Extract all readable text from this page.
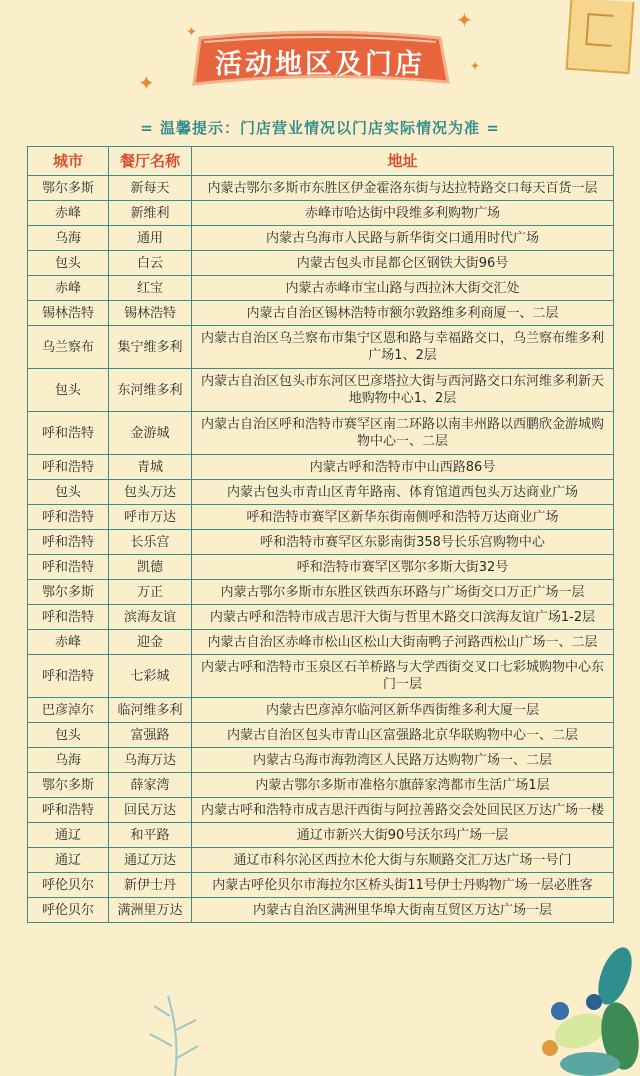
✦
✦
✦
✦
活动地区及门店
= 温馨提示：门店营业情况以门店实际情况为准 =
城市	餐厅名称	地址
鄂尔多斯	新每天	内蒙古鄂尔多斯市东胜区伊金霍洛东街与达拉特路交口每天百货一层
赤峰	新维利	赤峰市哈达街中段维多利购物广场
乌海	通用	内蒙古乌海市人民路与新华街交口通用时代广场
包头	白云	内蒙古包头市昆都仑区钢铁大街96号
赤峰	红宝	内蒙古赤峰市宝山路与西拉沐大街交汇处
锡林浩特	锡林浩特	内蒙古自治区锡林浩特市额尔敦路维多利商厦一、二层
乌兰察布	集宁维多利	内蒙古自治区乌兰察布市集宁区恩和路与幸福路交口，乌兰察布维多利广场1、2层
包头	东河维多利	内蒙古自治区包头市东河区巴彦塔拉大街与西河路交口东河维多利新天地购物中心1、2层
呼和浩特	金游城	内蒙古自治区呼和浩特市赛罕区南二环路以南丰州路以西鹏欣金游城购物中心一、二层
呼和浩特	青城	内蒙古呼和浩特市中山西路86号
包头	包头万达	内蒙古包头市青山区青年路南、体育馆道西包头万达商业广场
呼和浩特	呼市万达	呼和浩特市赛罕区新华东街南侧呼和浩特万达商业广场
呼和浩特	长乐宫	呼和浩特市赛罕区东影南街358号长乐宫购物中心
呼和浩特	凯德	呼和浩特市赛罕区鄂尔多斯大街32号
鄂尔多斯	万正	内蒙古鄂尔多斯市东胜区铁西东环路与广场街交口万正广场一层
呼和浩特	滨海友谊	内蒙古呼和浩特市成吉思汗大街与哲里木路交口滨海友谊广场1-2层
赤峰	迎金	内蒙古自治区赤峰市松山区松山大街南鸭子河路西松山广场一、二层
呼和浩特	七彩城	内蒙古呼和浩特市玉泉区石羊桥路与大学西街交叉口七彩城购物中心东门一层
巴彦淖尔	临河维多利	内蒙古巴彦淖尔临河区新华西街维多利大厦一层
包头	富强路	内蒙古自治区包头市青山区富强路北京华联购物中心一、二层
乌海	乌海万达	内蒙古乌海市海勃湾区人民路万达购物广场一、二层
鄂尔多斯	薛家湾	内蒙古鄂尔多斯市准格尔旗薛家湾都市生活广场1层
呼和浩特	回民万达	内蒙古呼和浩特市成吉思汗西街与阿拉善路交会处回民区万达广场一楼
通辽	和平路	通辽市新兴大街90号沃尔玛广场一层
通辽	通辽万达	通辽市科尔沁区西拉木伦大街与东顺路交汇万达广场一号门
呼伦贝尔	新伊士丹	内蒙古呼伦贝尔市海拉尔区桥头街11号伊士丹购物广场一层必胜客
呼伦贝尔	满洲里万达	内蒙古自治区满洲里华埠大街南互贸区万达广场一层
